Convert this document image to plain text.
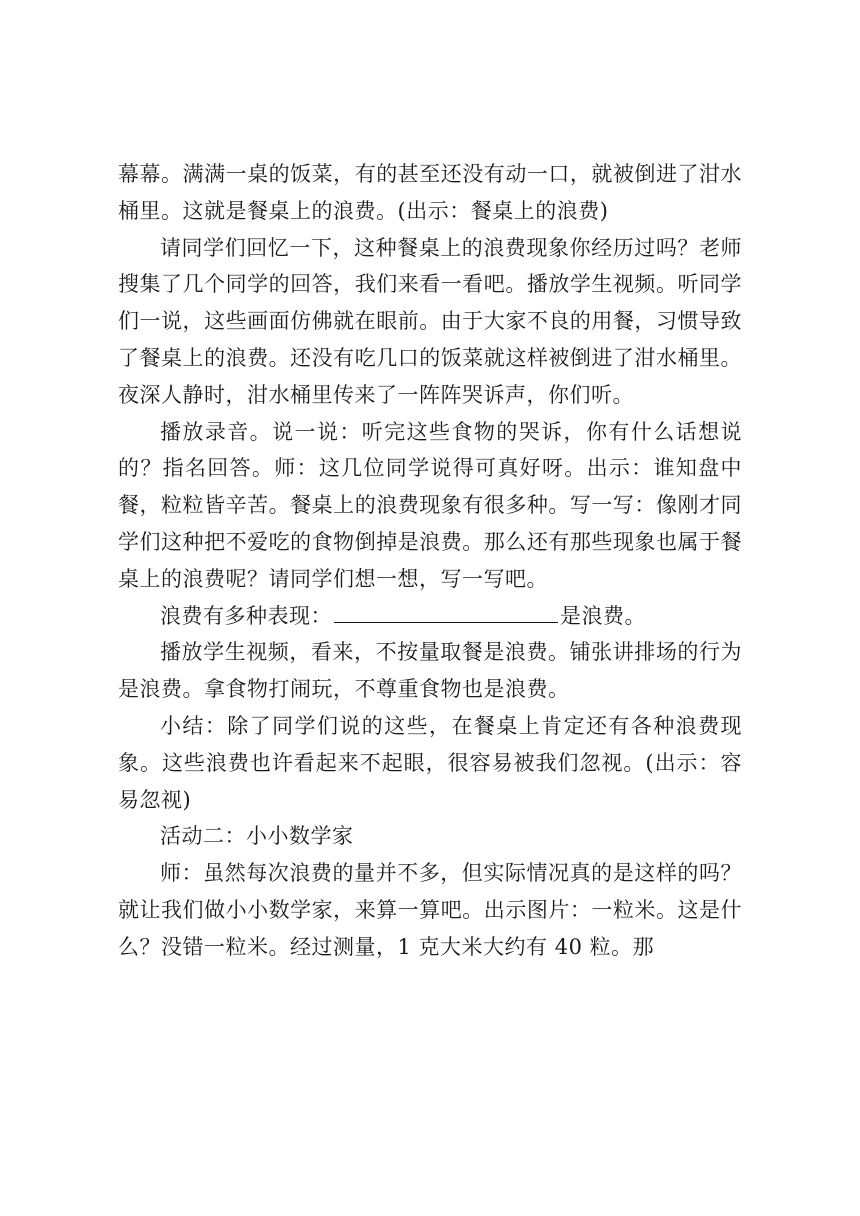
幕幕。满满一桌的饭菜，有的甚至还没有动一口，就被倒进了泔水桶里。这就是餐桌上的浪费。(出示：餐桌上的浪费)

请同学们回忆一下，这种餐桌上的浪费现象你经历过吗？老师搜集了几个同学的回答，我们来看一看吧。播放学生视频。听同学们一说，这些画面仿佛就在眼前。由于大家不良的用餐，习惯导致了餐桌上的浪费。还没有吃几口的饭菜就这样被倒进了泔水桶里。夜深人静时，泔水桶里传来了一阵阵哭诉声，你们听。

播放录音。说一说：听完这些食物的哭诉，你有什么话想说的？指名回答。师：这几位同学说得可真好呀。出示：谁知盘中餐，粒粒皆辛苦。餐桌上的浪费现象有很多种。写一写：像刚才同学们这种把不爱吃的食物倒掉是浪费。那么还有那些现象也属于餐桌上的浪费呢？请同学们想一想，写一写吧。

浪费有多种表现：	是浪费。

播放学生视频，看来，不按量取餐是浪费。铺张讲排场的行为是浪费。拿食物打闹玩，不尊重食物也是浪费。

小结：除了同学们说的这些，在餐桌上肯定还有各种浪费现象。这些浪费也许看起来不起眼，很容易被我们忽视。(出示：容易忽视)

活动二：小小数学家

师：虽然每次浪费的量并不多，但实际情况真的是这样的吗？就让我们做小小数学家，来算一算吧。出示图片：一粒米。这是什么？没错一粒米。经过测量，1 克大米大约有 40 粒。那
